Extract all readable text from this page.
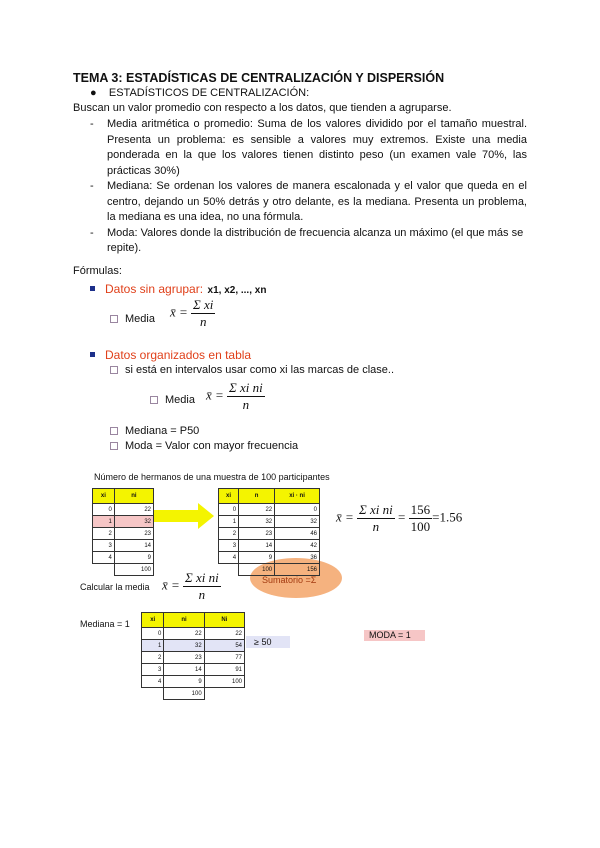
TEMA 3: ESTADÍSTICAS DE CENTRALIZACIÓN Y DISPERSIÓN
●    ESTADÍSTICOS DE CENTRALIZACIÓN:
Buscan un valor promedio con respecto a los datos, que tienden a agruparse.
-	Media aritmética o promedio: Suma de los valores dividido por el tamaño muestral. Presenta un problema: es sensible a valores muy extremos. Existe una media ponderada en la que los valores tienen distinto peso (un examen vale 70%, las prácticas 30%)
-	Mediana: Se ordenan los valores de manera escalonada y el valor que queda en el centro, dejando un 50% detrás y otro delante, es la mediana. Presenta un problema, la mediana es una idea, no una fórmula.
-	Moda: Valores donde la distribución de frecuencia alcanza un máximo (el que más se repite).
Fórmulas:
Datos sin agrupar: x1, x2, ..., xn
Media x̄ = $\frac{\text{Σ xi}}{n}$
Datos organizados en tabla
si está en intervalos usar como xi las marcas de clase..
Media x̄ = $\frac{\text{Σ xi ni}}{n}$
Mediana = P50
Moda = Valor con mayor frecuencia
Número de hermanos de una muestra de 100 participantes
xi	ni
0	22
1	32
2	23
3	14
4	9
	100
Sumatorio =Σ
xi	n	xi · ni
0	22	0
1	32	32
2	23	46
3	14	42
4	9	36
	100	156
x̄ = $\frac{\text{Σ xi ni}}{n} = \frac{156}{100} =1.56$
Calcular la media x̄ = $\frac{\text{Σ xi ni}}{n}$
Mediana = 1	xi	ni	Ni
0	22	22
1	32	54
2	23	77
3	14	91
4	9	100
	100	
≥ 50
MODA = 1
